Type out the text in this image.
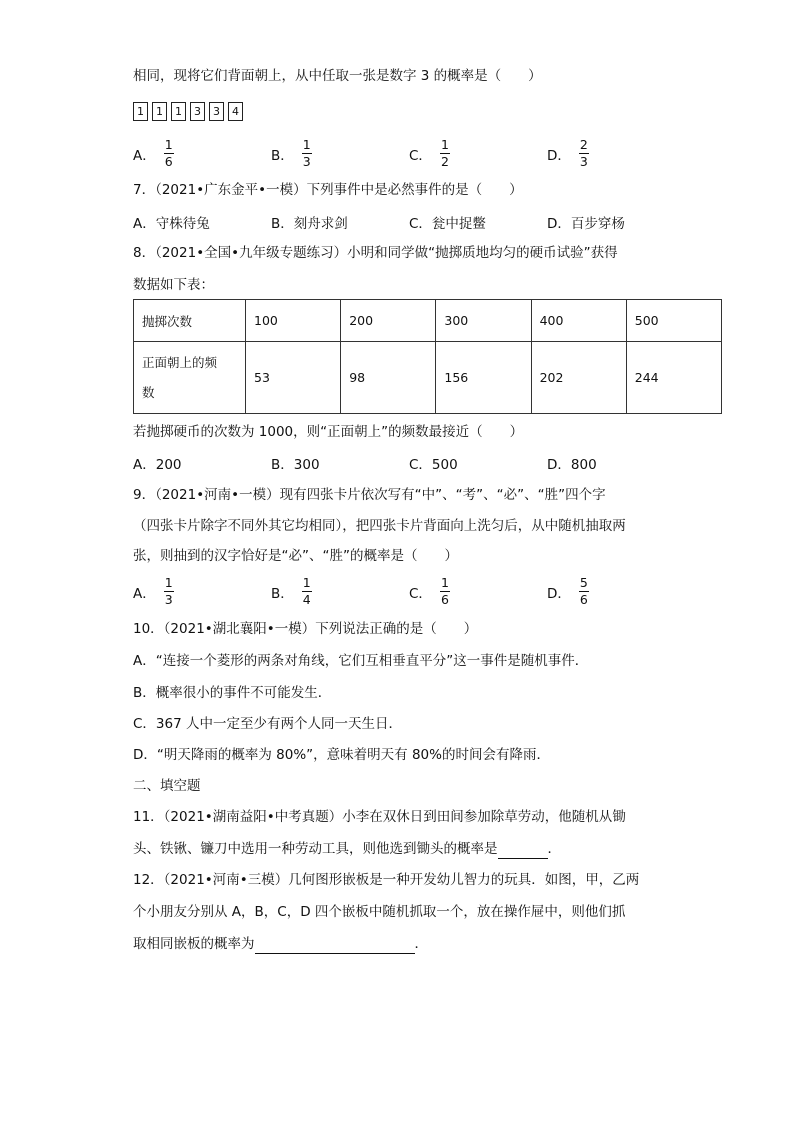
相同，现将它们背面朝上，从中任取一张是数字 3 的概率是（　　）
1	1	1	3	3	4
A． $\frac{1}{6}$	B． $\frac{1}{3}$	C． $\frac{1}{2}$	D． $\frac{2}{3}$
7．（2021•广东金平•一模）下列事件中是必然事件的是（　　）
A．守株待兔	B．刻舟求剑	C．瓮中捉鳖	D．百步穿杨
8．（2021•全国•九年级专题练习）小明和同学做“抛掷质地均匀的硬币试验”获得
数据如下表：
抛掷次数	100	200	300	400	500
正面朝上的频
数	53	98	156	202	244
若抛掷硬币的次数为 1000，则“正面朝上”的频数最接近（　　）
A．200	B．300	C．500	D．800
9．（2021•河南•一模）现有四张卡片依次写有“中”、“考”、“必”、“胜”四个字
（四张卡片除字不同外其它均相同），把四张卡片背面向上洗匀后，从中随机抽取两
张，则抽到的汉字恰好是“必”、“胜”的概率是（　　）
A． $\frac{1}{3}$	B． $\frac{1}{4}$	C． $\frac{1}{6}$	D． $\frac{5}{6}$
10．（2021•湖北襄阳•一模）下列说法正确的是（　　）
A．“连接一个菱形的两条对角线，它们互相垂直平分”这一事件是随机事件．
B．概率很小的事件不可能发生．
C．367 人中一定至少有两个人同一天生日．
D．“明天降雨的概率为 80%”，意味着明天有 80%的时间会有降雨．
二、填空题
11．（2021•湖南益阳•中考真题）小李在双休日到田间参加除草劳动，他随机从锄
头、铁锹、镰刀中选用一种劳动工具，则他选到锄头的概率是	．
12．（2021•河南•三模）几何图形嵌板是一种开发幼儿智力的玩具．如图，甲，乙两
个小朋友分别从 A，B，C，D 四个嵌板中随机抓取一个，放在操作屉中，则他们抓
取相同嵌板的概率为	．
